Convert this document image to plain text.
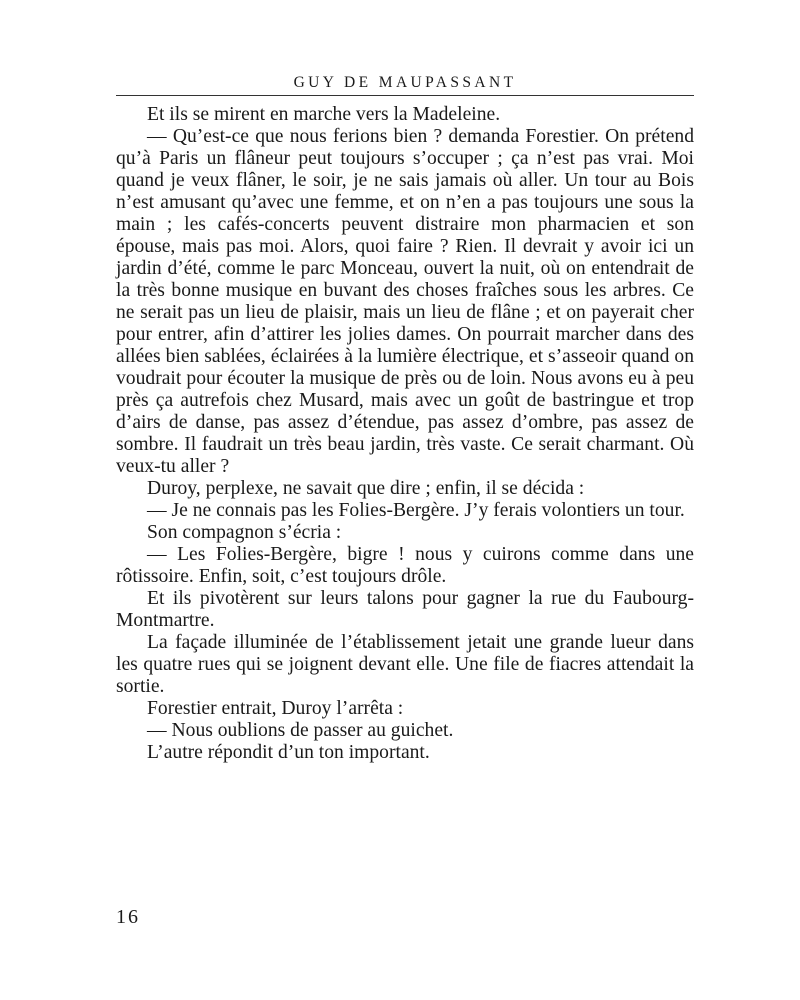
GUY DE MAUPASSANT

Et ils se mirent en marche vers la Madeleine.

— Qu’est-ce que nous ferions bien ? demanda Forestier. On prétend qu’à Paris un flâneur peut toujours s’occuper ; ça n’est pas vrai. Moi quand je veux flâner, le soir, je ne sais jamais où aller. Un tour au Bois n’est amusant qu’avec une femme, et on n’en a pas toujours une sous la main ; les cafés-concerts peuvent distraire mon pharmacien et son épouse, mais pas moi. Alors, quoi faire ? Rien. Il devrait y avoir ici un jardin d’été, comme le parc Monceau, ouvert la nuit, où on entendrait de la très bonne musique en buvant des choses fraîches sous les arbres. Ce ne serait pas un lieu de plaisir, mais un lieu de flâne ; et on payerait cher pour entrer, afin d’attirer les jolies dames. On pourrait marcher dans des allées bien sablées, éclairées à la lumière électrique, et s’asseoir quand on voudrait pour écouter la musique de près ou de loin. Nous avons eu à peu près ça autrefois chez Musard, mais avec un goût de bastringue et trop d’airs de danse, pas assez d’étendue, pas assez d’ombre, pas assez de sombre. Il faudrait un très beau jardin, très vaste. Ce serait charmant. Où veux-tu aller ?

Duroy, perplexe, ne savait que dire ; enfin, il se décida :

— Je ne connais pas les Folies-Bergère. J’y ferais volontiers un tour.

Son compagnon s’écria :

— Les Folies-Bergère, bigre ! nous y cuirons comme dans une rôtissoire. Enfin, soit, c’est toujours drôle.

Et ils pivotèrent sur leurs talons pour gagner la rue du Faubourg-Montmartre.

La façade illuminée de l’établissement jetait une grande lueur dans les quatre rues qui se joignent devant elle. Une file de fiacres attendait la sortie.

Forestier entrait, Duroy l’arrêta :

— Nous oublions de passer au guichet.

L’autre répondit d’un ton important.

16
